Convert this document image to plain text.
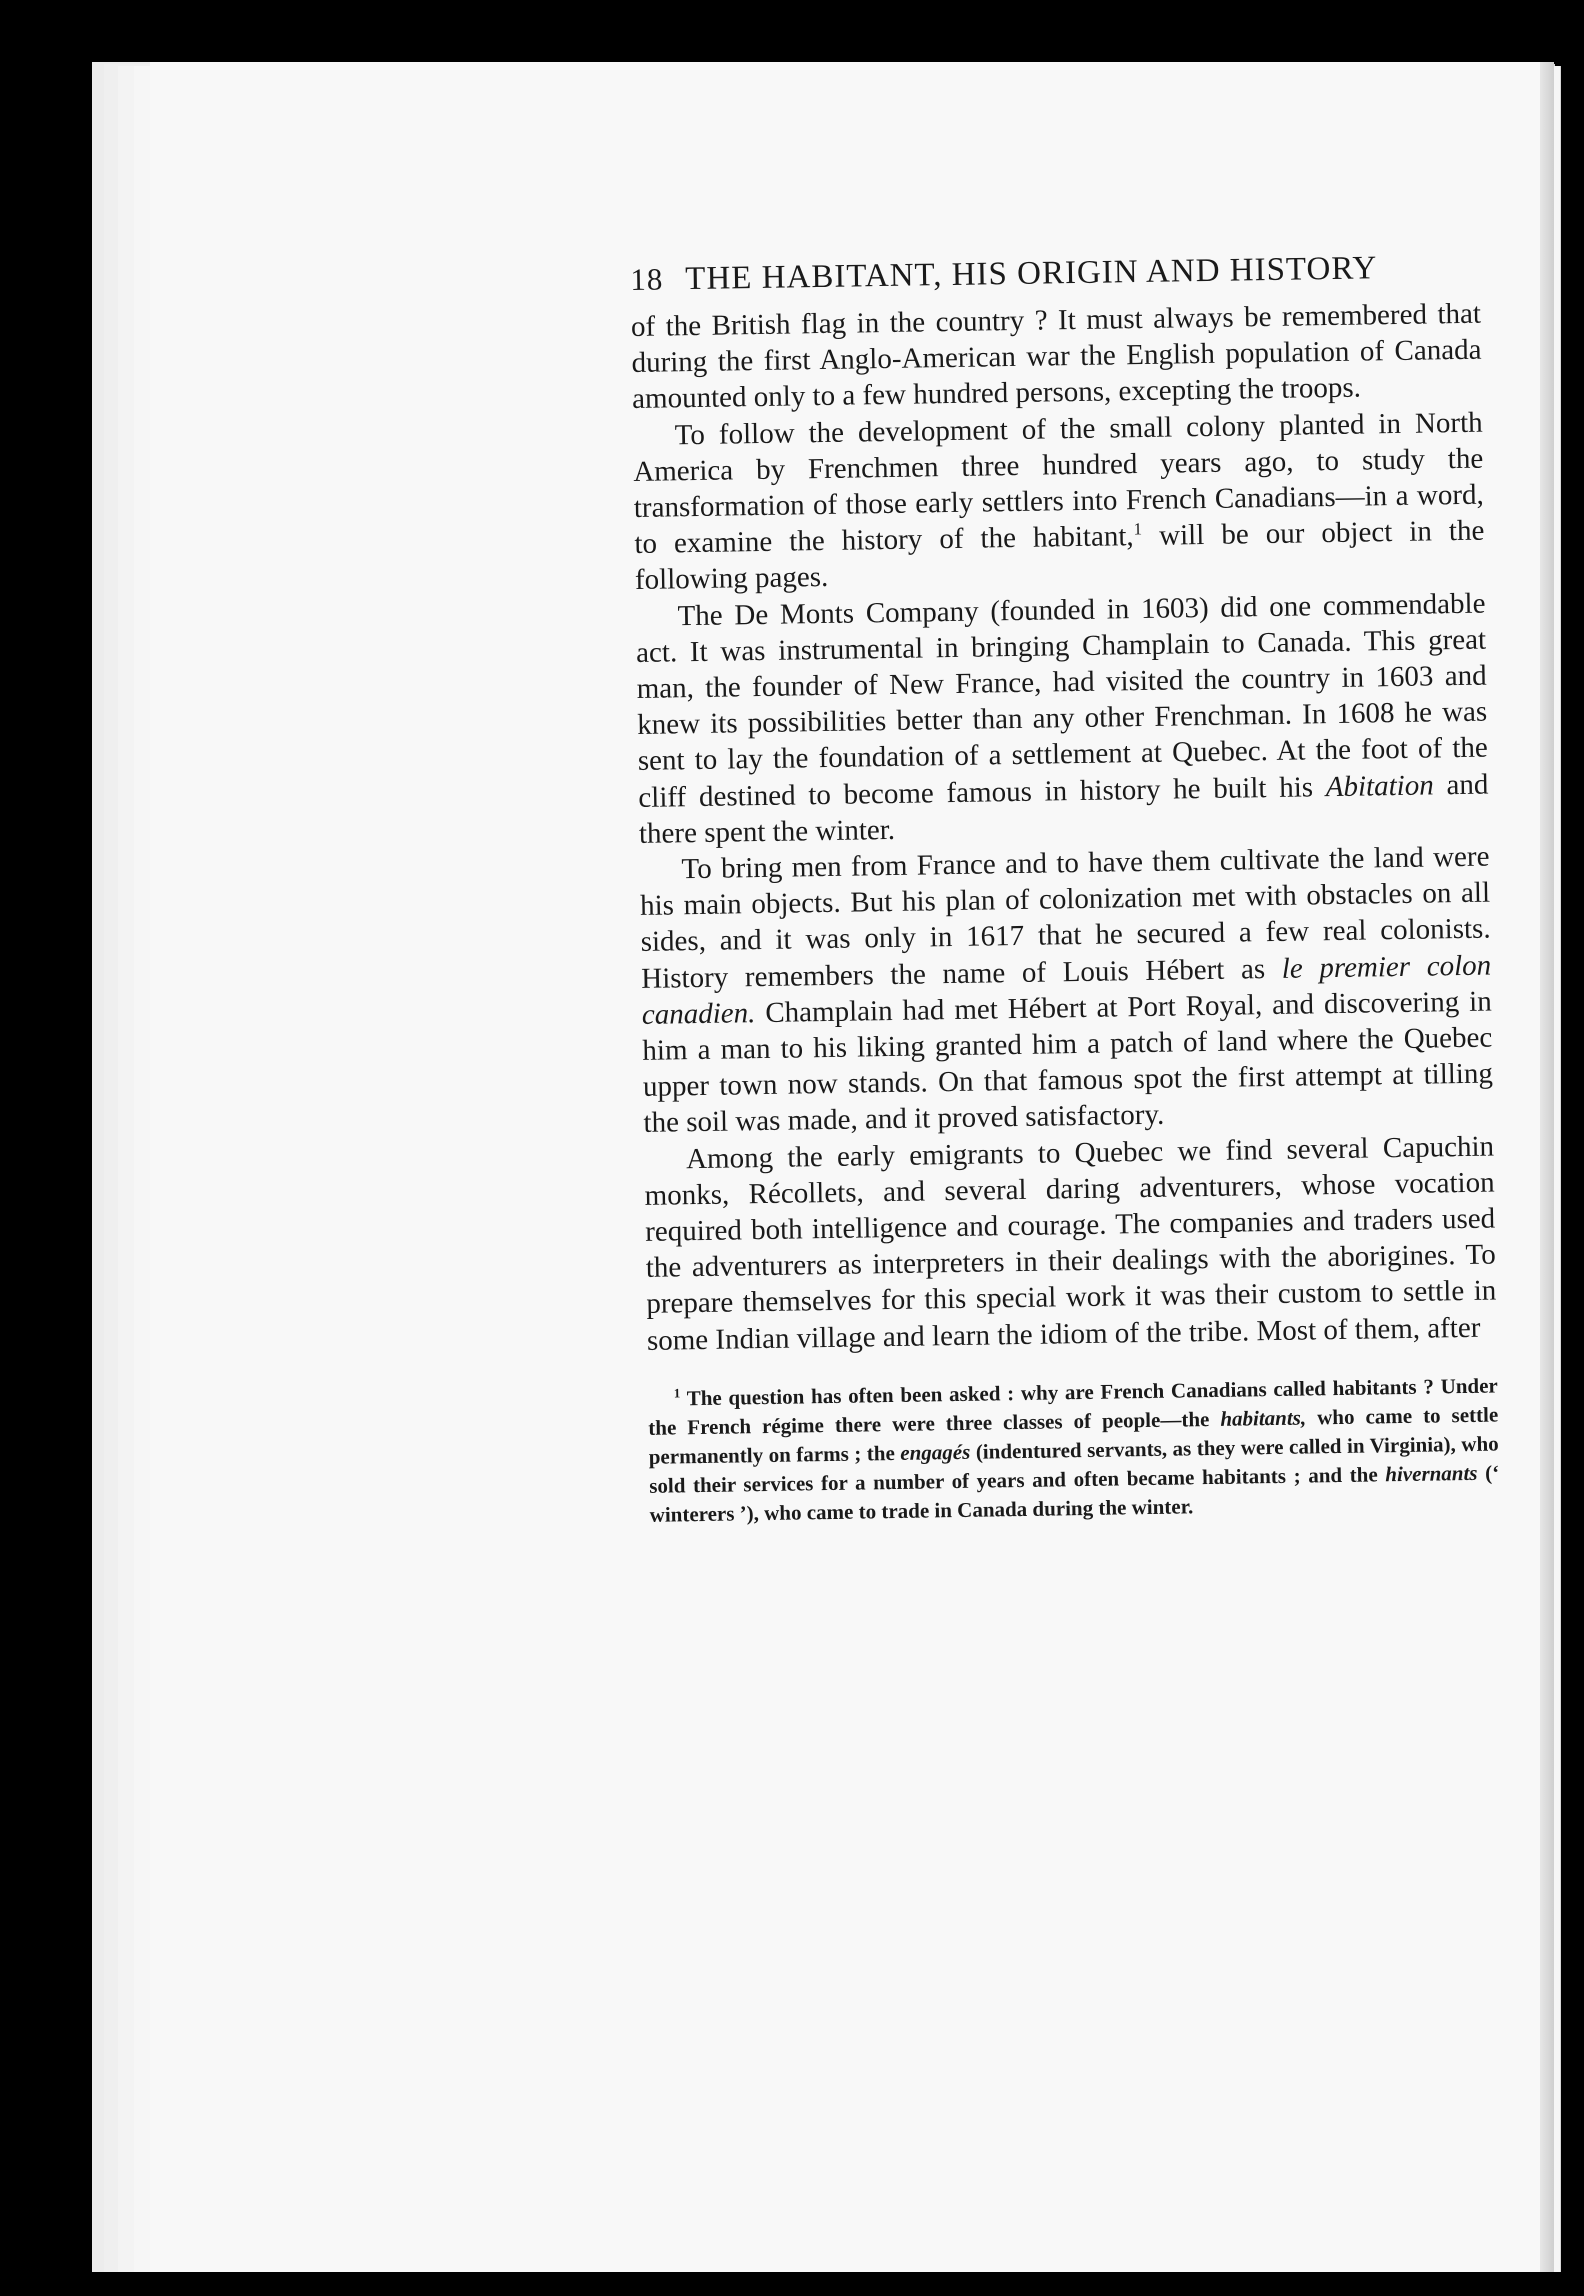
18 THE HABITANT, HIS ORIGIN AND HISTORY

of the British flag in the country ? It must always be remembered that during the first Anglo-American war the English population of Canada amounted only to a few hundred persons, excepting the troops.

To follow the development of the small colony planted in North America by Frenchmen three hundred years ago, to study the transformation of those early settlers into French Canadians—in a word, to examine the history of the habitant,$^1$ will be our object in the following pages.

The De Monts Company (founded in 1603) did one commendable act. It was instrumental in bringing Champlain to Canada. This great man, the founder of New France, had visited the country in 1603 and knew its possibilities better than any other Frenchman. In 1608 he was sent to lay the foundation of a settlement at Quebec. At the foot of the cliff destined to become famous in history he built his Abitation and there spent the winter.

To bring men from France and to have them cultivate the land were his main objects. But his plan of colonization met with obstacles on all sides, and it was only in 1617 that he secured a few real colonists. History remembers the name of Louis Hébert as le premier colon canadien. Champlain had met Hébert at Port Royal, and discovering in him a man to his liking granted him a patch of land where the Quebec upper town now stands. On that famous spot the first attempt at tilling the soil was made, and it proved satisfactory.

Among the early emigrants to Quebec we find several Capuchin monks, Récollets, and several daring adventurers, whose vocation required both intelligence and courage. The companies and traders used the adventurers as interpreters in their dealings with the aborigines. To prepare themselves for this special work it was their custom to settle in some Indian village and learn the idiom of the tribe. Most of them, after

$^1$ The question has often been asked : why are French Canadians called habitants ? Under the French régime there were three classes of people—the habitants, who came to settle permanently on farms ; the engagés (indentured servants, as they were called in Virginia), who sold their services for a number of years and often became habitants ; and the hivernants (‘ winterers ’), who came to trade in Canada during the winter.
